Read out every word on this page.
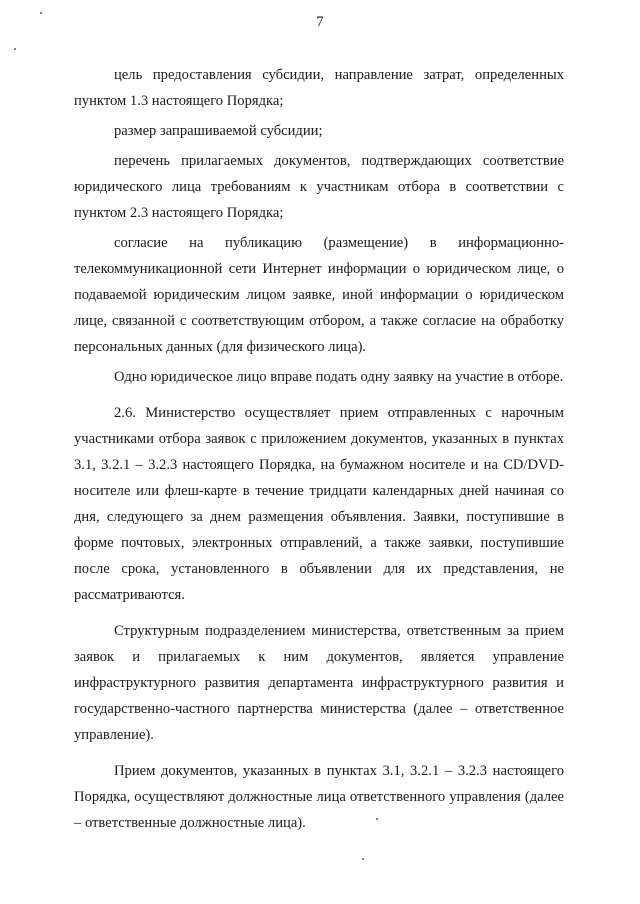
7

цель предоставления субсидии, направление затрат, определенных пунктом 1.3 настоящего Порядка;

размер запрашиваемой субсидии;

перечень прилагаемых документов, подтверждающих соответствие юридического лица требованиям к участникам отбора в соответствии с пунктом 2.3 настоящего Порядка;

согласие на публикацию (размещение) в информационно-телекоммуникационной сети Интернет информации о юридическом лице, о подаваемой юридическим лицом заявке, иной информации о юридическом лице, связанной с соответствующим отбором, а также согласие на обработку персональных данных (для физического лица).

Одно юридическое лицо вправе подать одну заявку на участие в отборе.

2.6. Министерство осуществляет прием отправленных с нарочным участниками отбора заявок с приложением документов, указанных в пунктах 3.1, 3.2.1 – 3.2.3 настоящего Порядка, на бумажном носителе и на CD/DVD-носителе или флеш-карте в течение тридцати календарных дней начиная со дня, следующего за днем размещения объявления. Заявки, поступившие в форме почтовых, электронных отправлений, а также заявки, поступившие после срока, установленного в объявлении для их представления, не рассматриваются.

Структурным подразделением министерства, ответственным за прием заявок и прилагаемых к ним документов, является управление инфраструктурного развития департамента инфраструктурного развития и государственно-частного партнерства министерства (далее – ответственное управление).

Прием документов, указанных в пунктах 3.1, 3.2.1 – 3.2.3 настоящего Порядка, осуществляют должностные лица ответственного управления (далее – ответственные должностные лица).
